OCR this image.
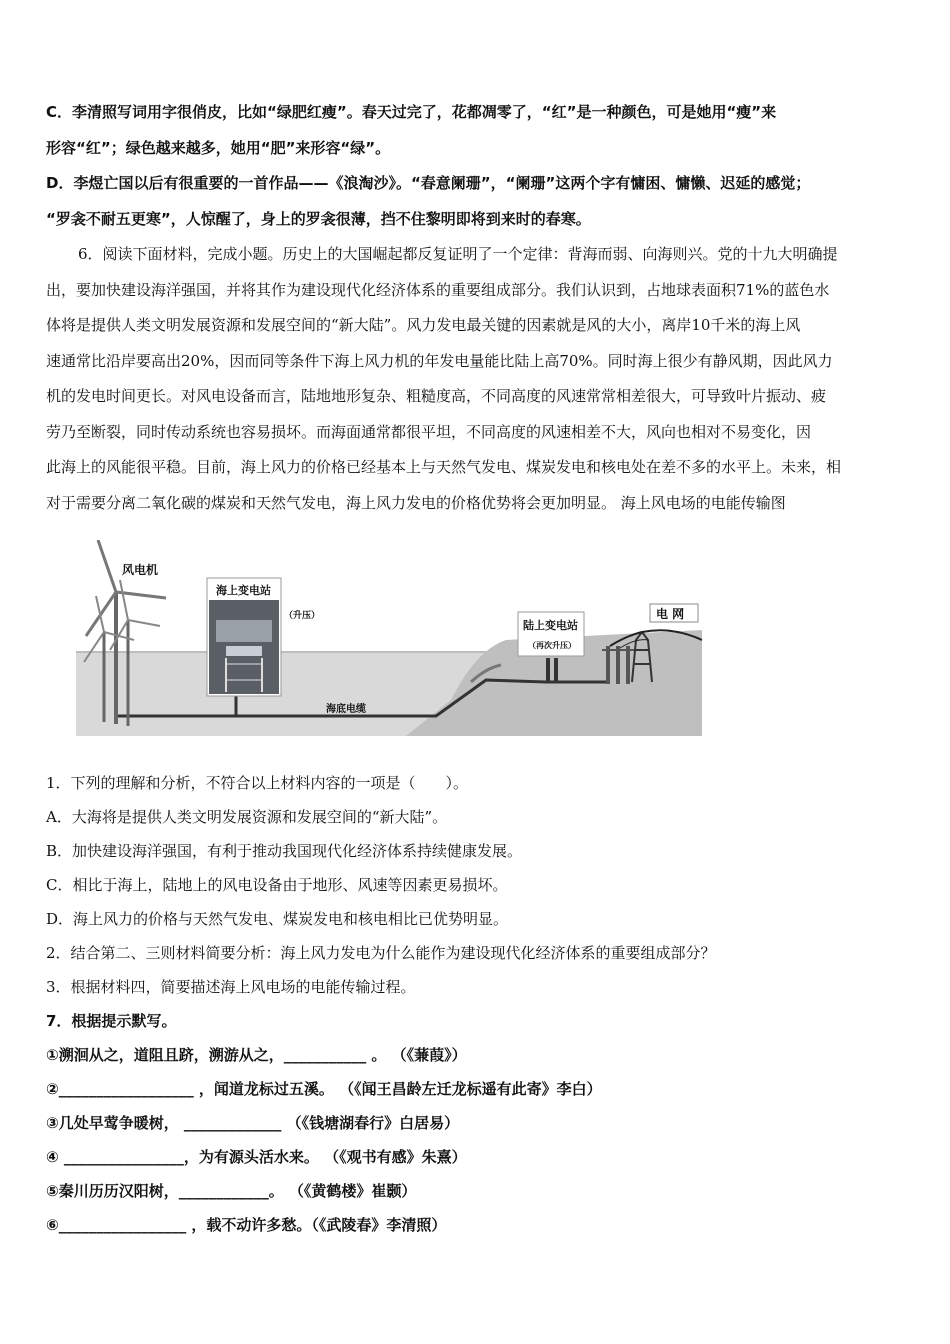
C．李清照写词用字很俏皮，比如“绿肥红瘦”。春天过完了，花都凋零了，“红”是一种颜色，可是她用“瘦”来
形容“红”；绿色越来越多，她用“肥”来形容“绿”。
D．李煜亡国以后有很重要的一首作品——《浪淘沙》。“春意阑珊”，“阑珊”这两个字有慵困、慵懒、迟延的感觉；
“罗衾不耐五更寒”，人惊醒了，身上的罗衾很薄，挡不住黎明即将到来时的春寒。
6．阅读下面材料，完成小题。历史上的大国崛起都反复证明了一个定律：背海而弱、向海则兴。党的十九大明确提
出，要加快建设海洋强国，并将其作为建设现代化经济体系的重要组成部分。我们认识到，占地球表面积71%的蓝色水
体将是提供人类文明发展资源和发展空间的“新大陆”。风力发电最关键的因素就是风的大小，离岸10千米的海上风
速通常比沿岸要高出20%，因而同等条件下海上风力机的年发电量能比陆上高70%。同时海上很少有静风期，因此风力
机的发电时间更长。对风电设备而言，陆地地形复杂、粗糙度高，不同高度的风速常常相差很大，可导致叶片振动、疲
劳乃至断裂，同时传动系统也容易损坏。而海面通常都很平坦，不同高度的风速相差不大，风向也相对不易变化，因
此海上的风能很平稳。目前，海上风力的价格已经基本上与天然气发电、煤炭发电和核电处在差不多的水平上。未来，相
对于需要分离二氧化碳的煤炭和天然气发电，海上风力发电的价格优势将会更加明显。 海上风电场的电能传输图
风电机
海上变电站
（升压）
海底电缆
陆上变电站
（再次升压）
电 网
1．下列的理解和分析，不符合以上材料内容的一项是（　　）。
A．大海将是提供人类文明发展资源和发展空间的“新大陆”。
B．加快建设海洋强国，有利于推动我国现代化经济体系持续健康发展。
C．相比于海上，陆地上的风电设备由于地形、风速等因素更易损坏。
D．海上风力的价格与天然气发电、煤炭发电和核电相比已优势明显。
2．结合第二、三则材料简要分析：海上风力发电为什么能作为建设现代化经济体系的重要组成部分？
3．根据材料四，简要描述海上风电场的电能传输过程。
7．根据提示默写。
①溯洄从之，道阻且跻，溯游从之，___________ 。 （《蒹葭》）
②__________________ ，闻道龙标过五溪。 （《闻王昌龄左迁龙标遥有此寄》李白）
③几处早莺争暖树， _____________ （《钱塘湖春行》白居易）
④ ________________，为有源头活水来。 （《观书有感》朱熹）
⑤秦川历历汉阳树，____________。 （《黄鹤楼》崔颢）
⑥_________________ ，载不动许多愁。（《武陵春》李清照）
